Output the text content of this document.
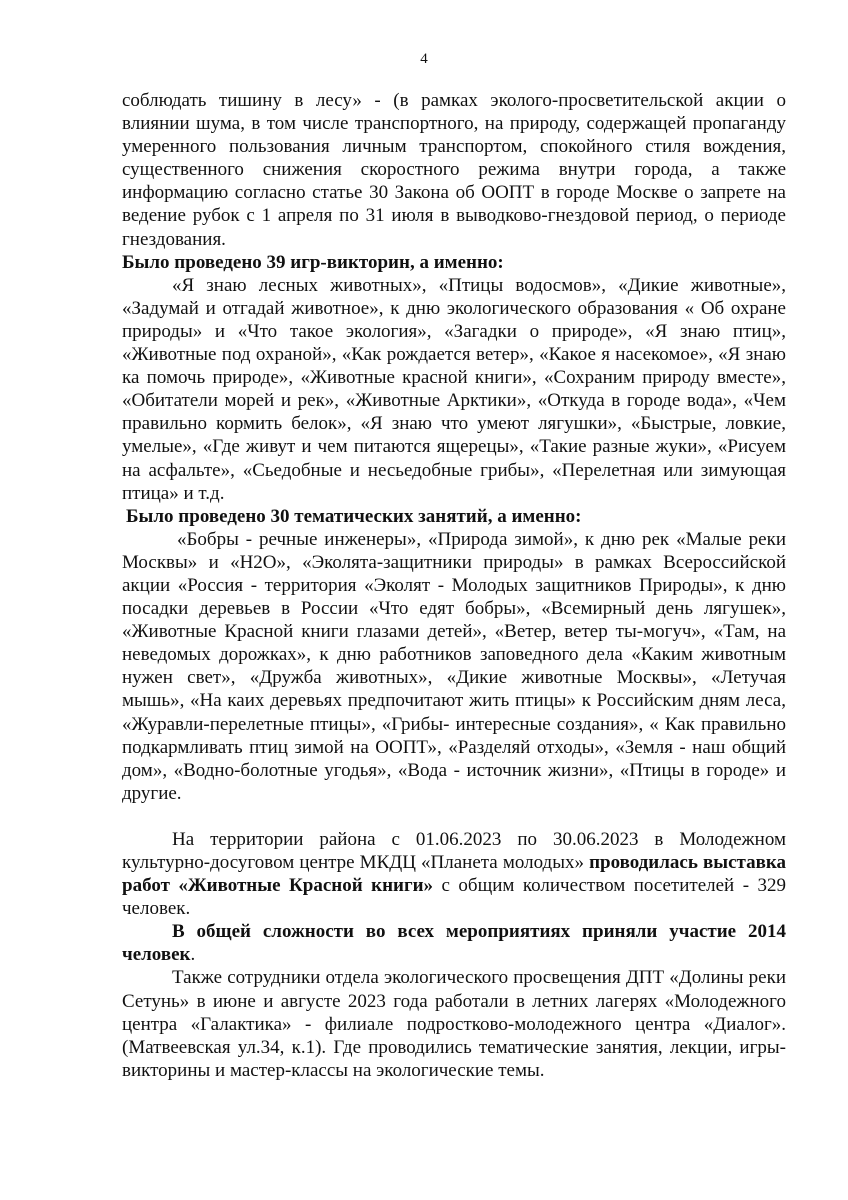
4

соблюдать тишину в лесу» - (в рамках эколого-просветительской акции о влиянии шума, в том числе транспортного, на природу, содержащей пропаганду умеренного пользования личным транспортом, спокойного стиля вождения, существенного снижения скоростного режима внутри города, а также информацию согласно статье 30 Закона об ООПТ в городе Москве о запрете на ведение рубок с 1 апреля по 31 июля в выводково-гнездовой период, о периоде гнездования.

Было проведено 39 игр-викторин, а именно:

«Я знаю лесных животных», «Птицы водосмов», «Дикие животные», «Задумай и отгадай животное», к дню экологического образования « Об охране природы» и «Что такое экология», «Загадки о природе», «Я знаю птиц», «Животные под охраной», «Как рождается ветер», «Какое я насекомое», «Я знаю ка помочь природе», «Животные красной книги», «Сохраним природу вместе», «Обитатели морей и рек», «Животные Арктики», «Откуда в городе вода», «Чем правильно кормить белок», «Я знаю что умеют лягушки», «Быстрые, ловкие, умелые», «Где живут и чем питаются ящерецы», «Такие разные жуки», «Рисуем на асфальте», «Сьедобные и несьедобные грибы», «Перелетная или зимующая птица» и т.д.

Было проведено 30 тематических занятий, а именно:

«Бобры - речные инженеры», «Природа зимой», к дню рек «Малые реки Москвы» и «Н2О», «Эколята-защитники природы» в рамках Всероссийской акции «Россия - территория «Эколят - Молодых защитников Природы», к дню посадки деревьев в России «Что едят бобры», «Всемирный день лягушек», «Животные Красной книги глазами детей», «Ветер, ветер ты-могуч», «Там, на неведомых дорожках», к дню работников заповедного дела «Каким животным нужен свет», «Дружба животных», «Дикие животные Москвы», «Летучая мышь», «На каих деревьях предпочитают жить птицы» к Российским дням леса, «Журавли-перелетные птицы», «Грибы- интересные создания», « Как правильно подкармливать птиц зимой на ООПТ», «Разделяй отходы», «Земля - наш общий дом», «Водно-болотные угодья», «Вода - источник жизни», «Птицы в городе» и другие.

На территории района с 01.06.2023 по 30.06.2023 в Молодежном культурно-досуговом центре МКДЦ «Планета молодых» проводилась выставка работ «Животные Красной книги» с общим количеством посетителей - 329 человек.

В общей сложности во всех мероприятиях приняли участие 2014 человек.

Также сотрудники отдела экологического просвещения ДПТ «Долины реки Сетунь» в июне и августе 2023 года работали в летних лагерях «Молодежного центра «Галактика» - филиале подростково-молодежного центра «Диалог». (Матвеевская ул.34, к.1). Где проводились тематические занятия, лекции, игры-викторины и мастер-классы на экологические темы.
